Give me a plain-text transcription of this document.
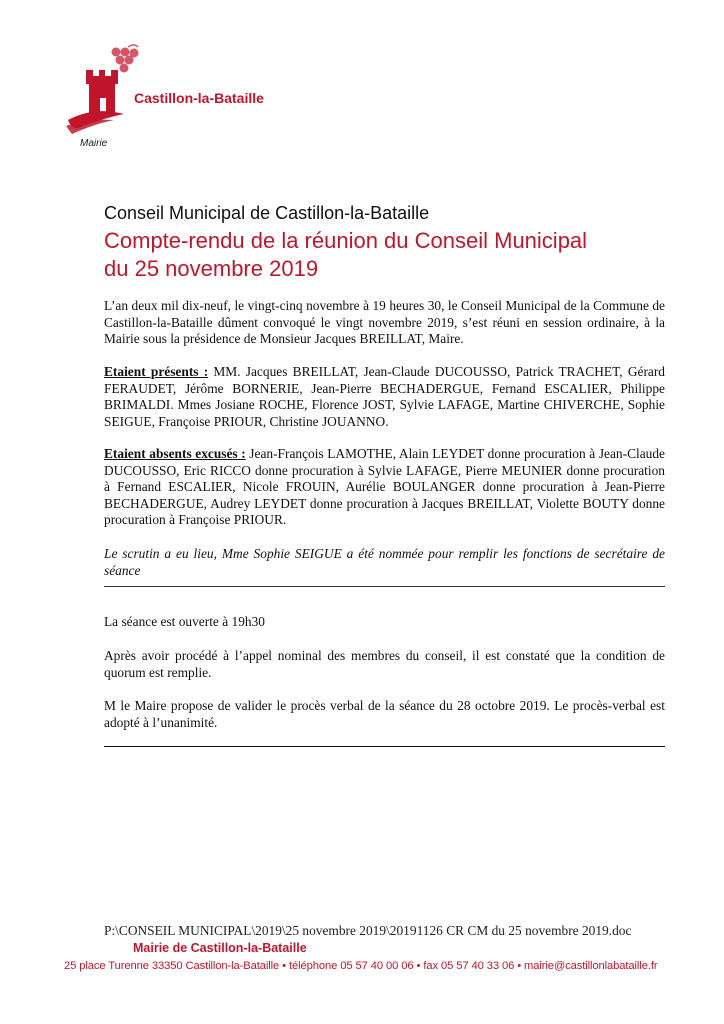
Castillon-la-Bataille
Mairie
Conseil Municipal de Castillon-la-Bataille
Compte-rendu de la réunion du Conseil Municipal
du 25 novembre 2019
L’an deux mil dix-neuf, le vingt-cinq novembre à 19 heures 30, le Conseil Municipal de la Commune de Castillon-la-Bataille dûment convoqué le vingt novembre 2019, s’est réuni en session ordinaire, à la Mairie sous la présidence de Monsieur Jacques BREILLAT, Maire.
Etaient présents : MM. Jacques BREILLAT, Jean-Claude DUCOUSSO, Patrick TRACHET, Gérard FERAUDET, Jérôme BORNERIE, Jean-Pierre BECHADERGUE, Fernand ESCALIER, Philippe BRIMALDI. Mmes Josiane ROCHE, Florence JOST, Sylvie LAFAGE, Martine CHIVERCHE, Sophie SEIGUE, Françoise PRIOUR, Christine JOUANNO.
Etaient absents excusés : Jean-François LAMOTHE, Alain LEYDET donne procuration à Jean-Claude DUCOUSSO, Eric RICCO donne procuration à Sylvie LAFAGE, Pierre MEUNIER donne procuration à Fernand ESCALIER, Nicole FROUIN, Aurélie BOULANGER donne procuration à Jean-Pierre BECHADERGUE, Audrey LEYDET donne procuration à Jacques BREILLAT, Violette BOUTY donne procuration à Françoise PRIOUR.
Le scrutin a eu lieu, Mme Sophie SEIGUE a été nommée pour remplir les fonctions de secrétaire de séance
La séance est ouverte à 19h30
Après avoir procédé à l’appel nominal des membres du conseil, il est constaté que la condition de quorum est remplie.
M le Maire propose de valider le procès verbal de la séance du 28 octobre 2019. Le procès-verbal est adopté à l’unanimité.
P:\CONSEIL MUNICIPAL\2019\25 novembre 2019\20191126 CR CM du 25 novembre 2019.doc
Mairie de Castillon-la-Bataille
25 place Turenne 33350 Castillon-la-Bataille • téléphone 05 57 40 00 06 • fax 05 57 40 33 06 • mairie@castillonlabataille.fr
